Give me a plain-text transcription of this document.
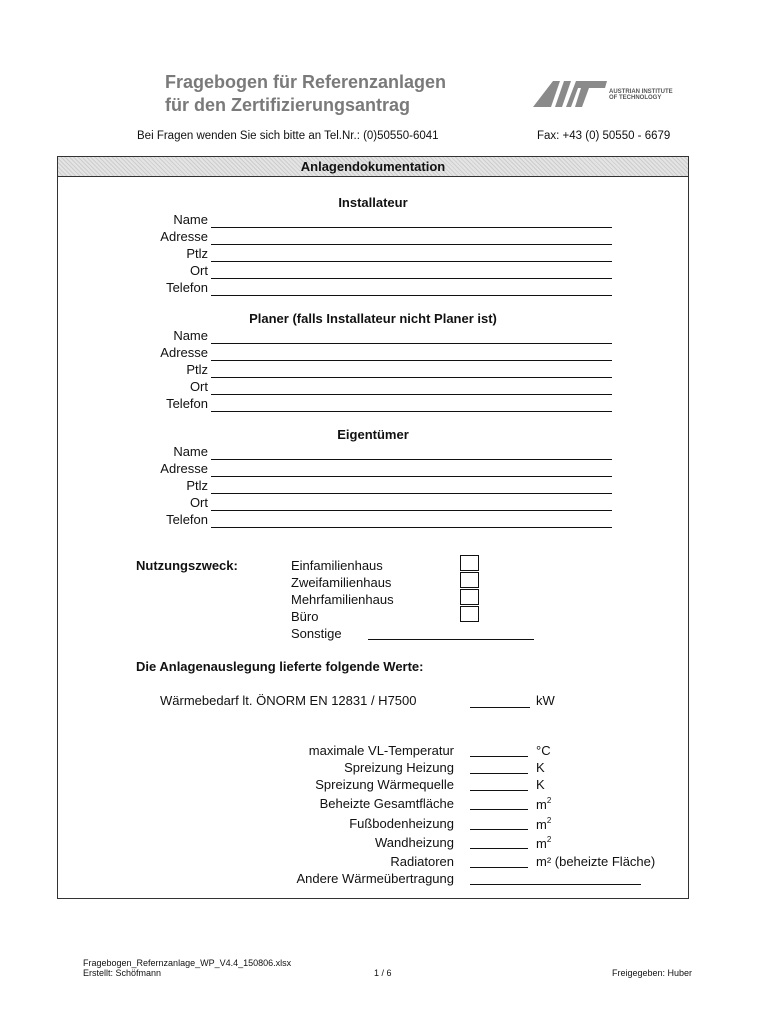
Fragebogen für Referenzanlagen
für den Zertifizierungsantrag
AUSTRIAN INSTITUTE
OF TECHNOLOGY
Bei Fragen wenden Sie sich bitte an Tel.Nr.: (0)50550-6041	Fax: +43 (0) 50550 - 6679
Anlagendokumentation
Installateur
Name
Adresse
Ptlz
Ort
Telefon
Planer (falls Installateur nicht Planer ist)
Name
Adresse
Ptlz
Ort
Telefon
Eigentümer
Name
Adresse
Ptlz
Ort
Telefon
Nutzungszweck:	Einfamilienhaus
Zweifamilienhaus
Mehrfamilienhaus
Büro
Sonstige
Die Anlagenauslegung lieferte folgende Werte:
Wärmebedarf lt. ÖNORM EN 12831 / H7500	kW
maximale VL-Temperatur	°C
Spreizung Heizung	K
Spreizung Wärmequelle	K
Beheizte Gesamtfläche	$m^2$
Fußbodenheizung	$m^2$
Wandheizung	$m^2$
Radiatoren	m² (beheizte Fläche)
Andere Wärmeübertragung
Fragebogen_Refernzanlage_WP_V4.4_150806.xlsx
Erstellt: Schöfmann	1 / 6	Freigegeben: Huber
